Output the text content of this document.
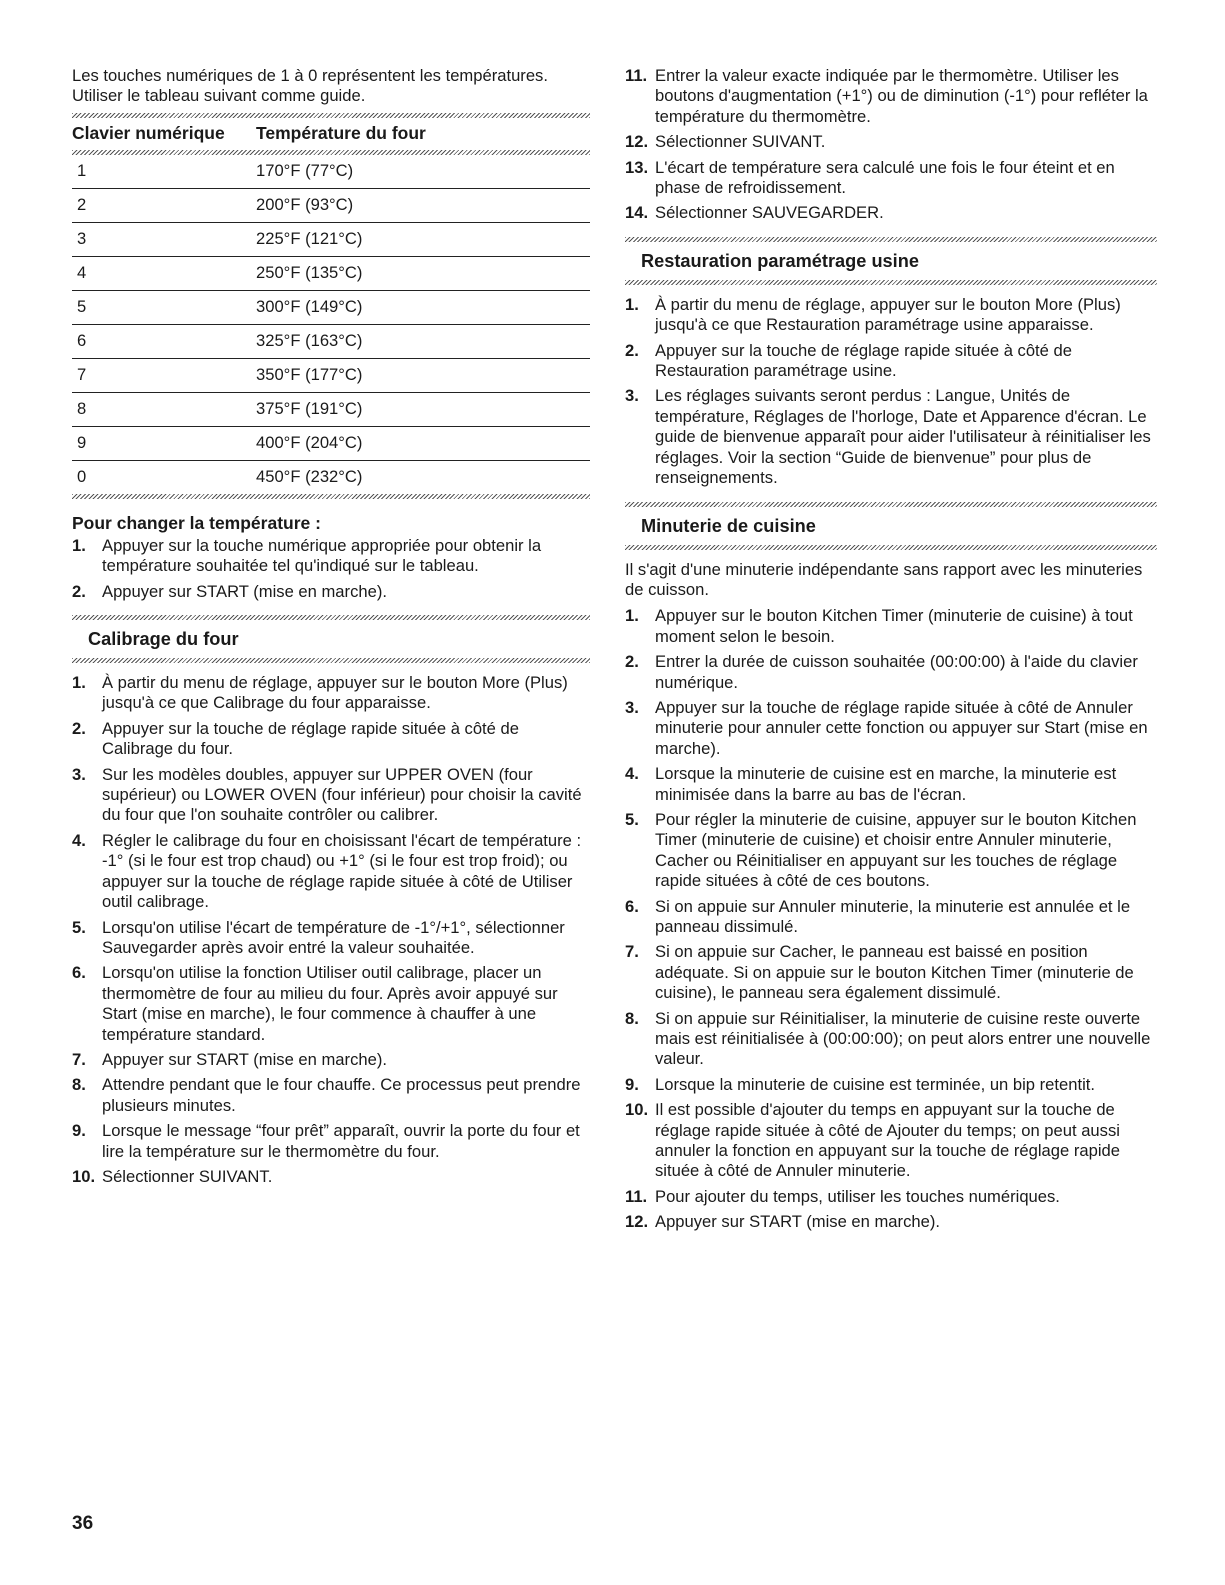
Les touches numériques de 1 à 0 représentent les températures. Utiliser le tableau suivant comme guide.

Clavier numérique	Température du four

1	170°F (77°C)
2	200°F (93°C)
3	225°F (121°C)
4	250°F (135°C)
5	300°F (149°C)
6	325°F (163°C)
7	350°F (177°C)
8	375°F (191°C)
9	400°F (204°C)
0	450°F (232°C)
Pour changer la température :
1. Appuyer sur la touche numérique appropriée pour obtenir la température souhaitée tel qu'indiqué sur le tableau.
2. Appuyer sur START (mise en marche).
Calibrage du four
1. À partir du menu de réglage, appuyer sur le bouton More (Plus) jusqu'à ce que Calibrage du four apparaisse.
2. Appuyer sur la touche de réglage rapide située à côté de Calibrage du four.
3. Sur les modèles doubles, appuyer sur UPPER OVEN (four supérieur) ou LOWER OVEN (four inférieur) pour choisir la cavité du four que l'on souhaite contrôler ou calibrer.
4. Régler le calibrage du four en choisissant l'écart de température : -1° (si le four est trop chaud) ou +1° (si le four est trop froid); ou appuyer sur la touche de réglage rapide située à côté de Utiliser outil calibrage.
5. Lorsqu'on utilise l'écart de température de -1°/+1°, sélectionner Sauvegarder après avoir entré la valeur souhaitée.
6. Lorsqu'on utilise la fonction Utiliser outil calibrage, placer un thermomètre de four au milieu du four. Après avoir appuyé sur Start (mise en marche), le four commence à chauffer à une température standard.
7. Appuyer sur START (mise en marche).
8. Attendre pendant que le four chauffe. Ce processus peut prendre plusieurs minutes.
9. Lorsque le message “four prêt” apparaît, ouvrir la porte du four et lire la température sur le thermomètre du four.
10. Sélectionner SUIVANT.
11. Entrer la valeur exacte indiquée par le thermomètre. Utiliser les boutons d'augmentation (+1°) ou de diminution (-1°) pour refléter la température du thermomètre.
12. Sélectionner SUIVANT.
13. L'écart de température sera calculé une fois le four éteint et en phase de refroidissement.
14. Sélectionner SAUVEGARDER.
Restauration paramétrage usine
1. À partir du menu de réglage, appuyer sur le bouton More (Plus) jusqu'à ce que Restauration paramétrage usine apparaisse.
2. Appuyer sur la touche de réglage rapide située à côté de Restauration paramétrage usine.
3. Les réglages suivants seront perdus : Langue, Unités de température, Réglages de l'horloge, Date et Apparence d'écran. Le guide de bienvenue apparaît pour aider l'utilisateur à réinitialiser les réglages. Voir la section “Guide de bienvenue” pour plus de renseignements.
Minuterie de cuisine

Il s'agit d'une minuterie indépendante sans rapport avec les minuteries de cuisson.

1. Appuyer sur le bouton Kitchen Timer (minuterie de cuisine) à tout moment selon le besoin.
2. Entrer la durée de cuisson souhaitée (00:00:00) à l'aide du clavier numérique.
3. Appuyer sur la touche de réglage rapide située à côté de Annuler minuterie pour annuler cette fonction ou appuyer sur Start (mise en marche).
4. Lorsque la minuterie de cuisine est en marche, la minuterie est minimisée dans la barre au bas de l'écran.
5. Pour régler la minuterie de cuisine, appuyer sur le bouton Kitchen Timer (minuterie de cuisine) et choisir entre Annuler minuterie, Cacher ou Réinitialiser en appuyant sur les touches de réglage rapide situées à côté de ces boutons.
6. Si on appuie sur Annuler minuterie, la minuterie est annulée et le panneau dissimulé.
7. Si on appuie sur Cacher, le panneau est baissé en position adéquate. Si on appuie sur le bouton Kitchen Timer (minuterie de cuisine), le panneau sera également dissimulé.
8. Si on appuie sur Réinitialiser, la minuterie de cuisine reste ouverte mais est réinitialisée à (00:00:00); on peut alors entrer une nouvelle valeur.
9. Lorsque la minuterie de cuisine est terminée, un bip retentit.
10. Il est possible d'ajouter du temps en appuyant sur la touche de réglage rapide située à côté de Ajouter du temps; on peut aussi annuler la fonction en appuyant sur la touche de réglage rapide située à côté de Annuler minuterie.
11. Pour ajouter du temps, utiliser les touches numériques.
12. Appuyer sur START (mise en marche).
36
